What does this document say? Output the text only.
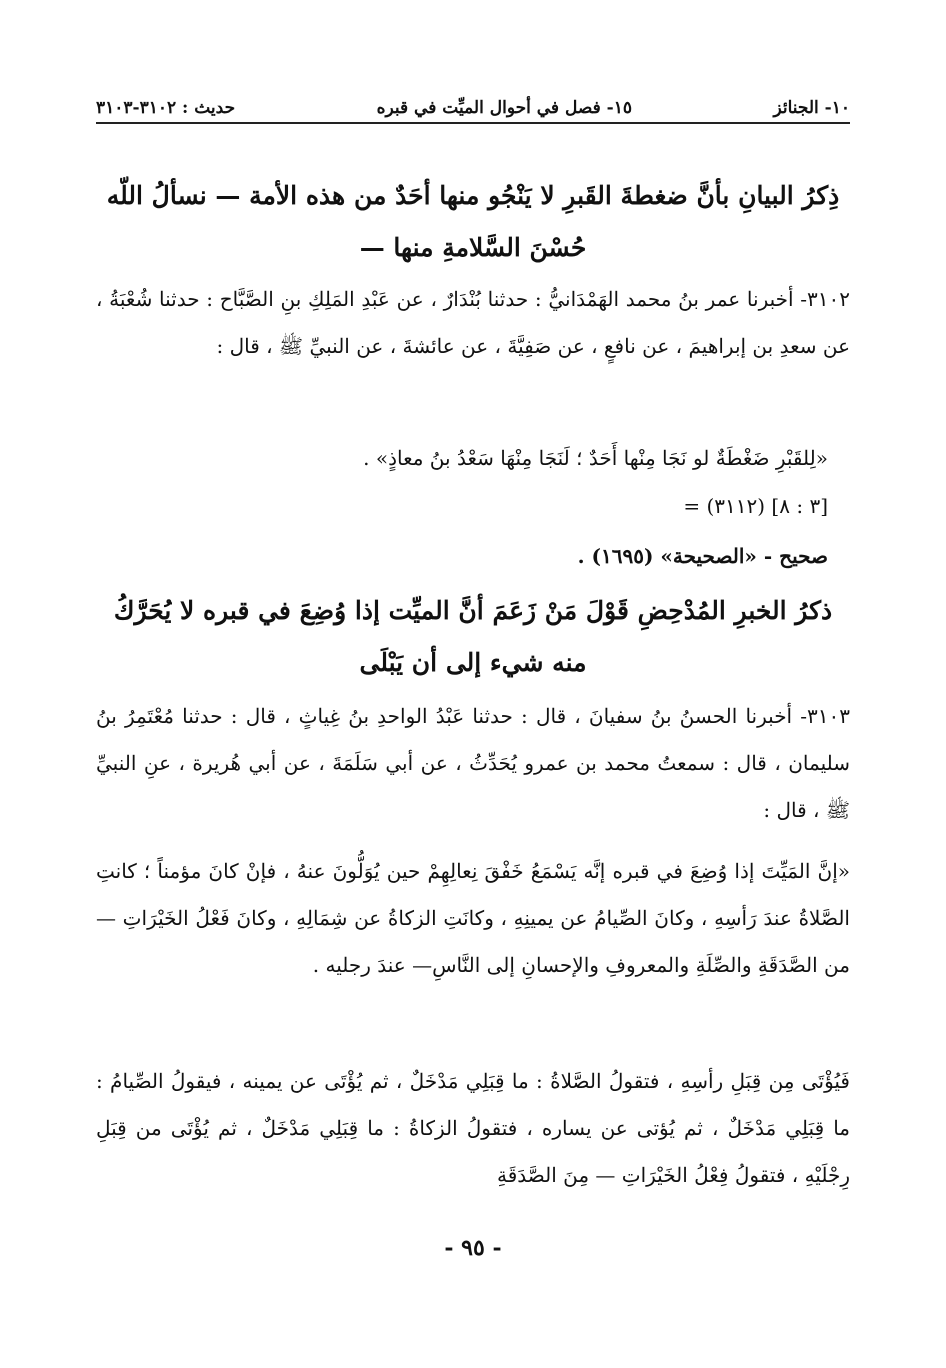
١٠- الجنائز
١٥- فصل في أحوال الميِّت في قبره
حديث : ٣١٠٢-٣١٠٣
ذِكرُ البيانِ بأنَّ ضغطةَ القَبرِ لا يَنْجُو منها أحَدٌ من هذه الأمة — نسألُ اللّه حُسْنَ السَّلامةِ منها —
٣١٠٢- أخبرنا عمر بنُ محمد الهَمْدَانيُّ : حدثنا بُنْدَارٌ ، عن عَبْدِ المَلِكِ بنِ الصَّبَّاح : حدثنا شُعْبَةُ ، عن سعدِ بن إبراهيمَ ، عن نافعٍ ، عن صَفِيَّةَ ، عن عائشةَ ، عن النبيِّ ﷺ ، قال :
«لِلقَبْرِ ضَغْطَةٌ لو نَجَا مِنْها أَحَدٌ ؛ لَنَجَا مِنْهَا سَعْدُ بنُ معاذٍ» .
= (٣١١٢) [٣ : ٨]
صحيح - «الصحيحة» (١٦٩٥) .
ذكرُ الخبرِ المُدْحِضِ قَوْلَ مَنْ زَعَمَ أنَّ الميِّت إذا وُضِعَ في قبره لا يُحَرَّكُ منه شيء إلى أن يَبْلَى
٣١٠٣- أخبرنا الحسنُ بنُ سفيانَ ، قال : حدثنا عَبْدُ الواحدِ بنُ غِياثٍ ، قال : حدثنا مُعْتَمِرُ بنُ سليمان ، قال : سمعتُ محمد بن عمرو يُحَدِّثُ ، عن أبي سَلَمَةَ ، عن أبي هُريرة ، عنِ النبيِّ ﷺ ، قال :
«إنَّ المَيِّتَ إذا وُضِعَ في قبره إنَّه يَسْمَعُ خَفْقَ نِعالِهِمْ حين يُوَلُّونَ عنهُ ، فإنْ كانَ مؤمناً ؛ كانتِ الصَّلاةُ عندَ رَأسِهِ ، وكانَ الصِّيامُ عن يمينِهِ ، وكانَتِ الزكاةُ عن شِمَالِهِ ، وكانَ فَعْلُ الخَيْرَاتِ — من الصَّدَقَةِ والصِّلَةِ والمعروفِ والإحسانِ إلى النَّاسِ— عندَ رجليه .
فَيُؤْتَى مِن قِبَلِ رأسِهِ ، فتقولُ الصَّلاةُ : ما قِبَلِي مَدْخَلٌ ، ثم يُؤْتَى عن يمينه ، فيقولُ الصِّيامُ : ما قِبَلِي مَدْخَلٌ ، ثم يُؤتى عن يساره ، فتقولُ الزكاةُ : ما قِبَلِي مَدْخَلٌ ، ثم يُؤْتَى من قِبَلِ رِجْلَيْهِ ، فتقولُ فِعْلُ الخَيْرَاتِ — مِنَ الصَّدَقَةِ
- ٩٥ -
